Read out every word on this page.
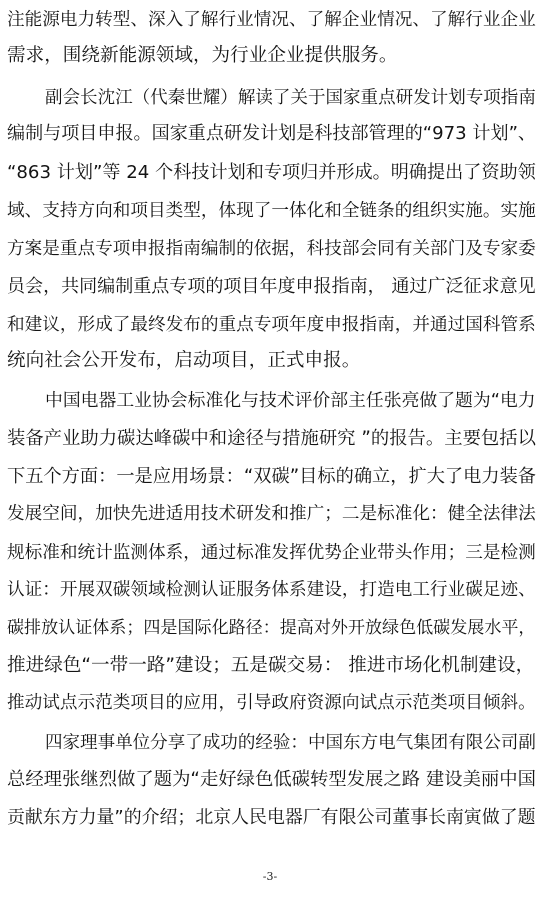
注能源电力转型、深入了解行业情况、了解企业情况、了解行业企业
需求，围绕新能源领域，为行业企业提供服务。
副会长沈江（代秦世耀）解读了关于国家重点研发计划专项指南
编制与项目申报。国家重点研发计划是科技部管理的“973 计划”、
“863 计划”等 24 个科技计划和专项归并形成。明确提出了资助领
域、支持方向和项目类型，体现了一体化和全链条的组织实施。实施
方案是重点专项申报指南编制的依据，科技部会同有关部门及专家委
员会，共同编制重点专项的项目年度申报指南， 通过广泛征求意见
和建议，形成了最终发布的重点专项年度申报指南，并通过国科管系
统向社会公开发布，启动项目，正式申报。
中国电器工业协会标准化与技术评价部主任张亮做了题为“电力
装备产业助力碳达峰碳中和途径与措施研究 ”的报告。主要包括以
下五个方面：一是应用场景：“双碳”目标的确立，扩大了电力装备
发展空间，加快先进适用技术研发和推广；二是标准化：健全法律法
规标准和统计监测体系，通过标准发挥优势企业带头作用；三是检测
认证：开展双碳领域检测认证服务体系建设，打造电工行业碳足迹、
碳排放认证体系；四是国际化路径：提高对外开放绿色低碳发展水平，
推进绿色“一带一路”建设；五是碳交易： 推进市场化机制建设，
推动试点示范类项目的应用，引导政府资源向试点示范类项目倾斜。
四家理事单位分享了成功的经验：中国东方电气集团有限公司副
总经理张继烈做了题为“走好绿色低碳转型发展之路 建设美丽中国
贡献东方力量”的介绍；北京人民电器厂有限公司董事长南寅做了题
-3-
